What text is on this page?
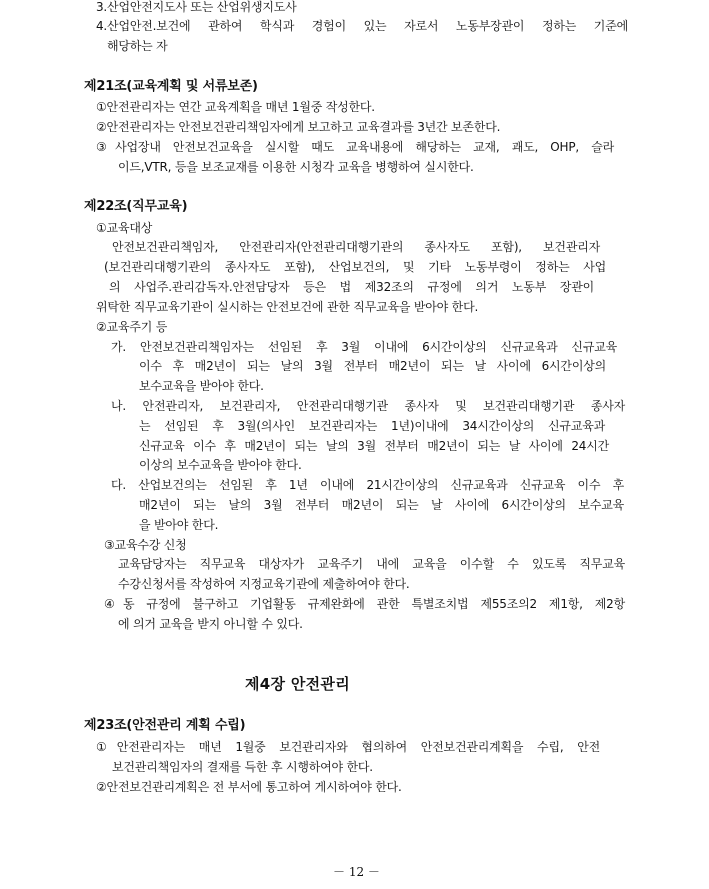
3.산업안전지도사 또는 산업위생지도사
4.산업안전.보건에 관하여 학식과 경험이 있는 자로서 노동부장관이 정하는 기준에
해당하는 자
제21조(교육계획 및 서류보존)
①안전관리자는 연간 교육계획을 매년 1월중 작성한다.
②안전관리자는 안전보건관리책임자에게 보고하고 교육결과를 3년간 보존한다.
③사업장내 안전보건교육을 실시할 때도 교육내용에 해당하는 교재, 괘도, OHP, 슬라
이드,VTR, 등을 보조교재를 이용한 시청각 교육을 병행하여 실시한다.
제22조(직무교육)
①교육대상
안전보건관리책임자, 안전관리자(안전관리대행기관의 종사자도 포함), 보건관리자
(보건관리대행기관의 종사자도 포함), 산업보건의, 및 기타 노동부령이 정하는 사업
의 사업주.관리감독자.안전담당자 등은 법 제32조의 규정에 의거 노동부 장관이
위탁한 직무교육기관이 실시하는 안전보건에 관한 직무교육을 받아야 한다.
②교육주기 등
가. 안전보건관리책임자는 선임된 후 3월 이내에 6시간이상의 신규교육과 신규교육
이수 후 매2년이 되는 날의 3월 전부터 매2년이 되는 날 사이에 6시간이상의
보수교육을 받아야 한다.
나. 안전관리자, 보건관리자, 안전관리대행기관 종사자 및 보건관리대행기관 종사자
는 선임된 후 3월(의사인 보건관리자는 1년)이내에 34시간이상의 신규교육과
신규교육 이수 후 매2년이 되는 날의 3월 전부터 매2년이 되는 날 사이에 24시간
이상의 보수교육을 받아야 한다.
다. 산업보건의는 선임된 후 1년 이내에 21시간이상의 신규교육과 신규교육 이수 후
매2년이 되는 날의 3월 전부터 매2년이 되는 날 사이에 6시간이상의 보수교육
을 받아야 한다.
③교육수강 신청
교육담당자는 직무교육 대상자가 교육주기 내에 교육을 이수할 수 있도록 직무교육
수강신청서를 작성하여 지정교육기관에 제출하여야 한다.
④동 규정에 불구하고 기업활동 규제완화에 관한 특별조치법 제55조의2 제1항, 제2항
에 의거 교육을 받지 아니할 수 있다.
제4장 안전관리
제23조(안전관리 계획 수립)
①안전관리자는 매년 1월중 보건관리자와 협의하여 안전보건관리계획을 수립, 안전
보건관리책임자의 결재를 득한 후 시행하여야 한다.
②안전보건관리계획은 전 부서에 통고하여 게시하여야 한다.
－ 12 －
